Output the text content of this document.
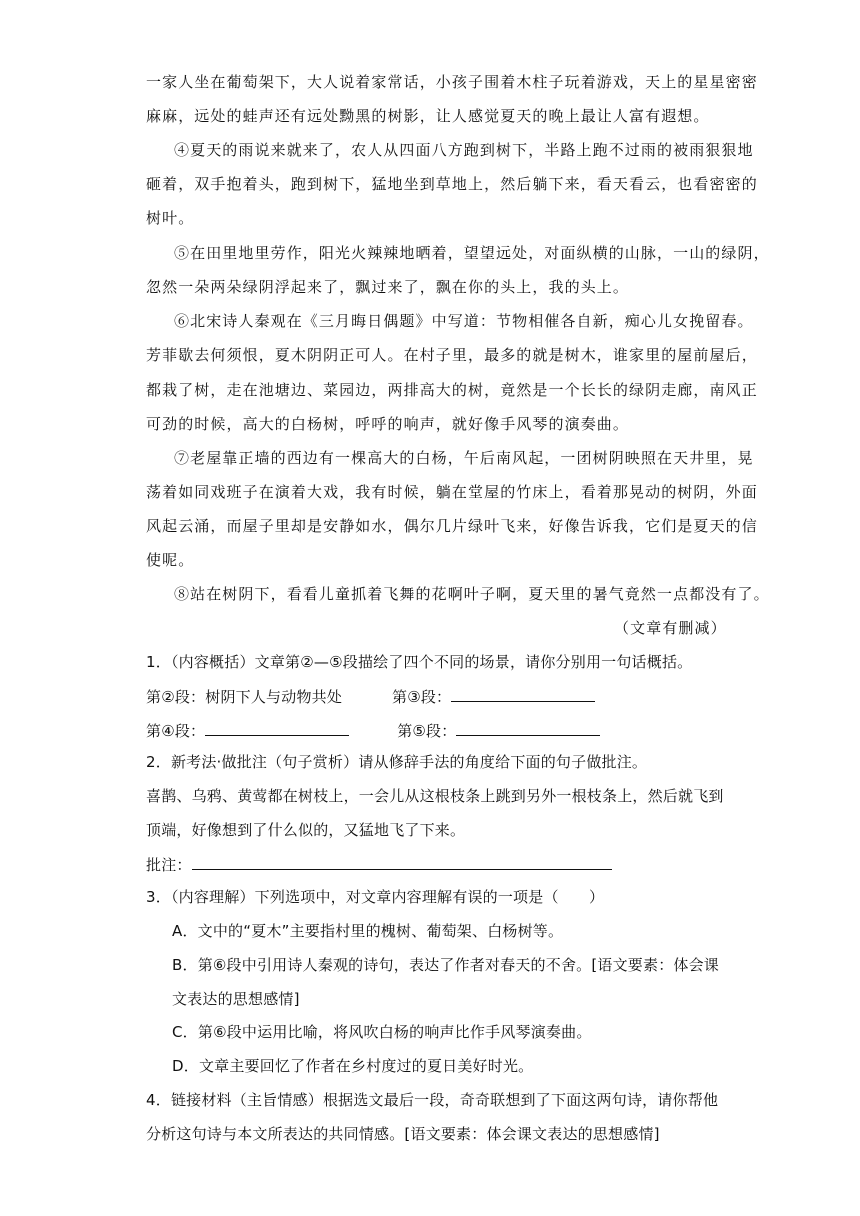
一家人坐在葡萄架下，大人说着家常话，小孩子围着木柱子玩着游戏，天上的星星密密
麻麻，远处的蛙声还有远处黝黑的树影，让人感觉夏天的晚上最让人富有遐想。
④夏天的雨说来就来了，农人从四面八方跑到树下，半路上跑不过雨的被雨狠狠地
砸着，双手抱着头，跑到树下，猛地坐到草地上，然后躺下来，看天看云，也看密密的
树叶。
⑤在田里地里劳作，阳光火辣辣地晒着，望望远处，对面纵横的山脉，一山的绿阴，
忽然一朵两朵绿阴浮起来了，飘过来了，飘在你的头上，我的头上。
⑥北宋诗人秦观在《三月晦日偶题》中写道：节物相催各自新，痴心儿女挽留春。
芳菲歇去何须恨，夏木阴阴正可人。在村子里，最多的就是树木，谁家里的屋前屋后，
都栽了树，走在池塘边、菜园边，两排高大的树，竟然是一个长长的绿阴走廊，南风正
可劲的时候，高大的白杨树，呼呼的响声，就好像手风琴的演奏曲。
⑦老屋靠正墙的西边有一棵高大的白杨，午后南风起，一团树阴映照在天井里，晃
荡着如同戏班子在演着大戏，我有时候，躺在堂屋的竹床上，看着那晃动的树阴，外面
风起云涌，而屋子里却是安静如水，偶尔几片绿叶飞来，好像告诉我，它们是夏天的信
使呢。
⑧站在树阴下，看看儿童抓着飞舞的花啊叶子啊，夏天里的暑气竟然一点都没有了。
（文章有删减）
1．（内容概括）文章第②—⑤段描绘了四个不同的场景，请你分别用一句话概括。
第②段：树阴下人与动物共处	第③段：
第④段：	第⑤段：
2．新考法·做批注（句子赏析）请从修辞手法的角度给下面的句子做批注。
喜鹊、乌鸦、黄莺都在树枝上，一会儿从这根枝条上跳到另外一根枝条上，然后就飞到
顶端，好像想到了什么似的，又猛地飞了下来。
批注：
3．（内容理解）下列选项中，对文章内容理解有误的一项是（　　）
A．文中的“夏木”主要指村里的槐树、葡萄架、白杨树等。
B．第⑥段中引用诗人秦观的诗句，表达了作者对春天的不舍。[语文要素：体会课
文表达的思想感情]
C．第⑥段中运用比喻，将风吹白杨的响声比作手风琴演奏曲。
D．文章主要回忆了作者在乡村度过的夏日美好时光。
4．链接材料（主旨情感）根据选文最后一段，奇奇联想到了下面这两句诗，请你帮他
分析这句诗与本文所表达的共同情感。[语文要素：体会课文表达的思想感情]
